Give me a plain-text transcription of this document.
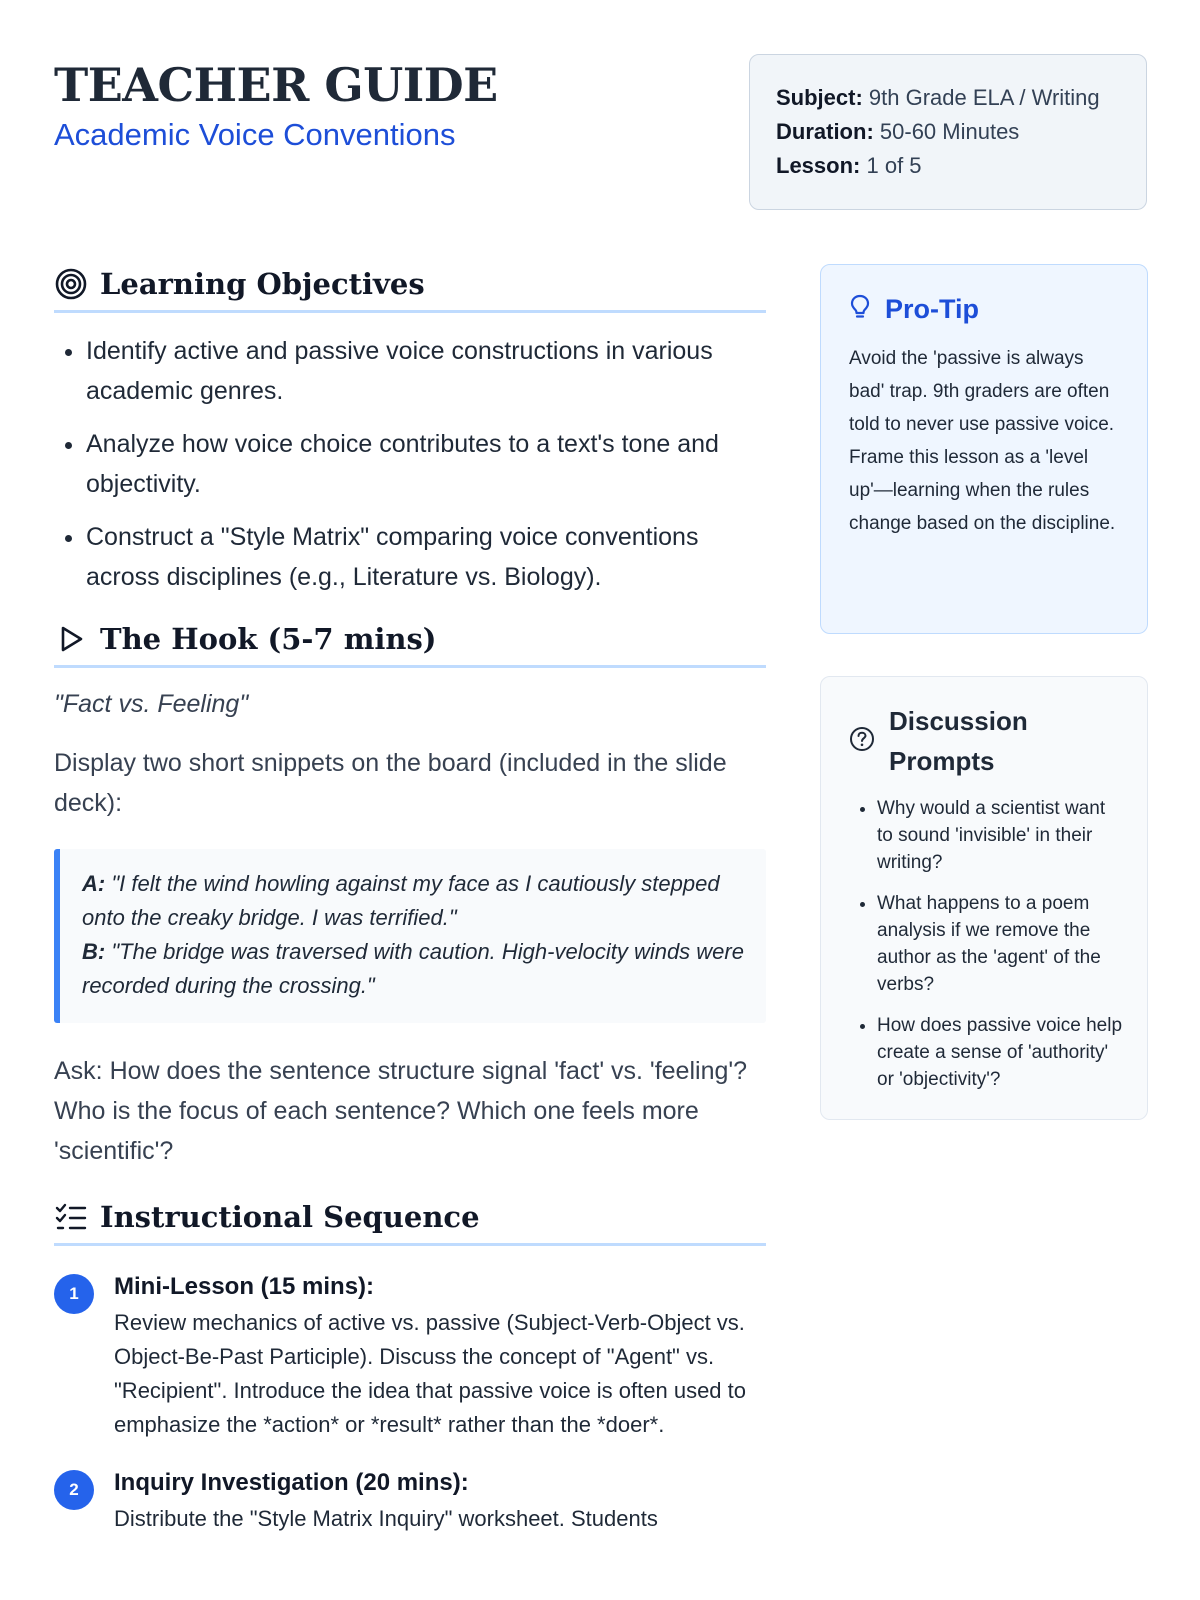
TEACHER GUIDE
Academic Voice Conventions
Subject: 9th Grade ELA / Writing
Duration: 50-60 Minutes
Lesson: 1 of 5
Learning Objectives
• Identify active and passive voice constructions in various academic genres.
• Analyze how voice choice contributes to a text's tone and objectivity.
• Construct a "Style Matrix" comparing voice conventions across disciplines (e.g., Literature vs. Biology).
The Hook (5-7 mins)
"Fact vs. Feeling"
Display two short snippets on the board (included in the slide deck):
A: "I felt the wind howling against my face as I cautiously stepped onto the creaky bridge. I was terrified."
B: "The bridge was traversed with caution. High-velocity winds were recorded during the crossing."
Ask: How does the sentence structure signal 'fact' vs. 'feeling'? Who is the focus of each sentence? Which one feels more 'scientific'?
Instructional Sequence
1	Mini-Lesson (15 mins):
Review mechanics of active vs. passive (Subject-Verb-Object vs. Object-Be-Past Participle). Discuss the concept of "Agent" vs. "Recipient". Introduce the idea that passive voice is often used to emphasize the *action* or *result* rather than the *doer*.
2	Inquiry Investigation (20 mins):
Distribute the "Style Matrix Inquiry" worksheet. Students
Pro-Tip
Avoid the 'passive is always bad' trap. 9th graders are often told to never use passive voice. Frame this lesson as a 'level up'—learning when the rules change based on the discipline.
Discussion Prompts
• Why would a scientist want to sound 'invisible' in their writing?
• What happens to a poem analysis if we remove the author as the 'agent' of the verbs?
• How does passive voice help create a sense of 'authority' or 'objectivity'?
